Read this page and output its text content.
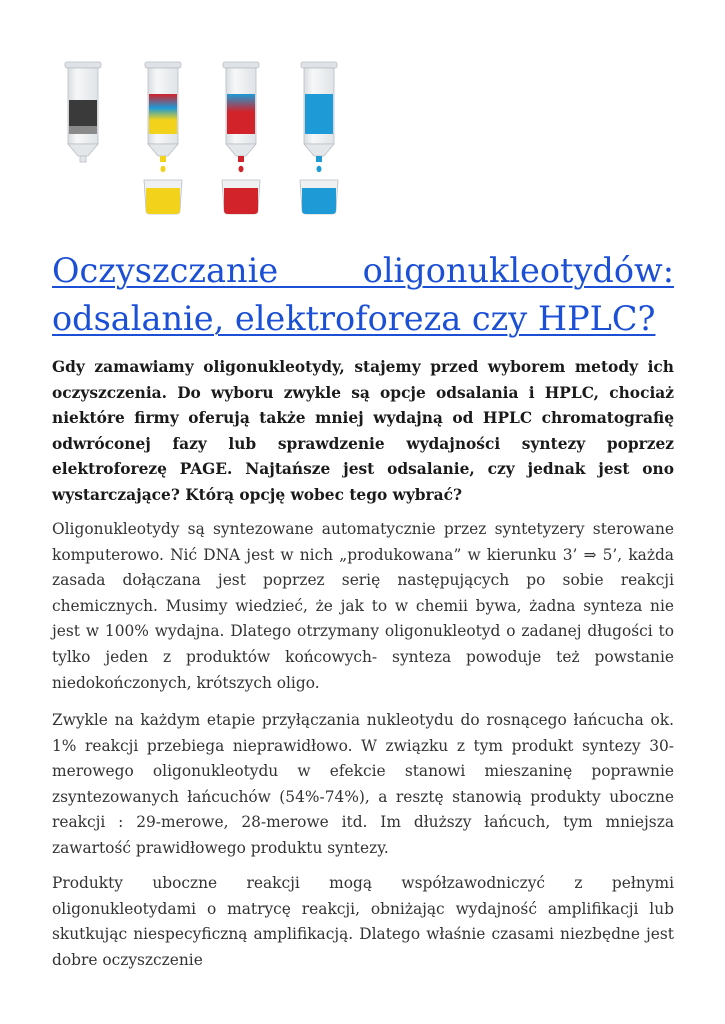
Oczyszczanie oligonukleotydów: odsalanie, elektroforeza czy HPLC?

Gdy zamawiamy oligonukleotydy, stajemy przed wyborem metody ich oczyszczenia. Do wyboru zwykle są opcje odsalania i HPLC, chociaż niektóre firmy oferują także mniej wydajną od HPLC chromatografię odwróconej fazy lub sprawdzenie wydajności syntezy poprzez elektroforezę PAGE. Najtańsze jest odsalanie, czy jednak jest ono wystarczające? Którą opcję wobec tego wybrać?

Oligonukleotydy są syntezowane automatycznie przez syntetyzery sterowane komputerowo. Nić DNA jest w nich „produkowana” w kierunku 3’ ⇒ 5’, każda zasada dołączana jest poprzez serię następujących po sobie reakcji chemicznych. Musimy wiedzieć, że jak to w chemii bywa, żadna synteza nie jest w 100% wydajna. Dlatego otrzymany oligonukleotyd o zadanej długości to tylko jeden z produktów końcowych- synteza powoduje też powstanie niedokończonych, krótszych oligo.

Zwykle na każdym etapie przyłączania nukleotydu do rosnącego łańcucha ok. 1% reakcji przebiega nieprawidłowo. W związku z tym produkt syntezy 30-merowego oligonukleotydu w efekcie stanowi mieszaninę poprawnie zsyntezowanych łańcuchów (54%-74%), a resztę stanowią produkty uboczne reakcji : 29-merowe, 28-merowe itd. Im dłuższy łańcuch, tym mniejsza zawartość prawidłowego produktu syntezy.

Produkty uboczne reakcji mogą współzawodniczyć z pełnymi oligonukleotydami o matrycę reakcji, obniżając wydajność amplifikacji lub skutkując niespecyficzną amplifikacją. Dlatego właśnie czasami niezbędne jest dobre oczyszczenie
